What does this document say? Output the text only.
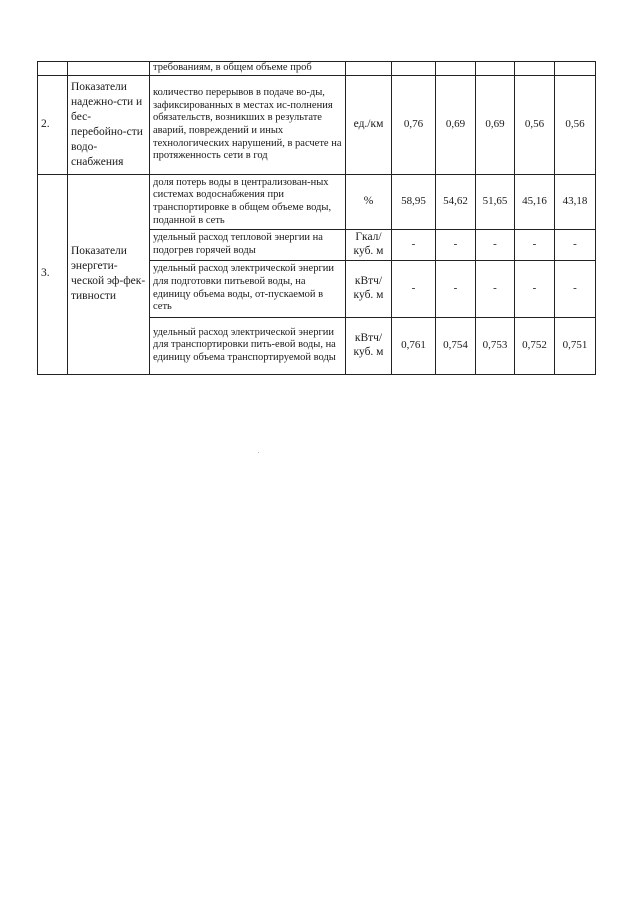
		требованиям, в общем объеме проб						
2.	Показатели надежно-сти и бес-перебойно-сти водо-снабжения	количество перерывов в подаче во-ды, зафиксированных в местах ис-полнения обязательств, возникших в результате аварий, повреждений и иных технологических нарушений, в расчете на протяженность сети в год	ед./км	0,76	0,69	0,69	0,56	0,56
3.	Показатели энергети-ческой эф-фек-тивности	доля потерь воды в централизован-ных системах водоснабжения при транспортировке в общем объеме воды, поданной в сеть	%	58,95	54,62	51,65	45,16	43,18
		удельный расход тепловой энергии на подогрев горячей воды	Гкал/ куб. м	-	-	-	-	-
		удельный расход электрической энергии для подготовки питьевой воды, на единицу объема воды, от-пускаемой в сеть	кВтч/ куб. м	-	-	-	-	-
		удельный расход электрической энергии для транспортировки пить-евой воды, на единицу объема транспортируемой воды	кВтч/ куб. м	0,761	0,754	0,753	0,752	0,751
